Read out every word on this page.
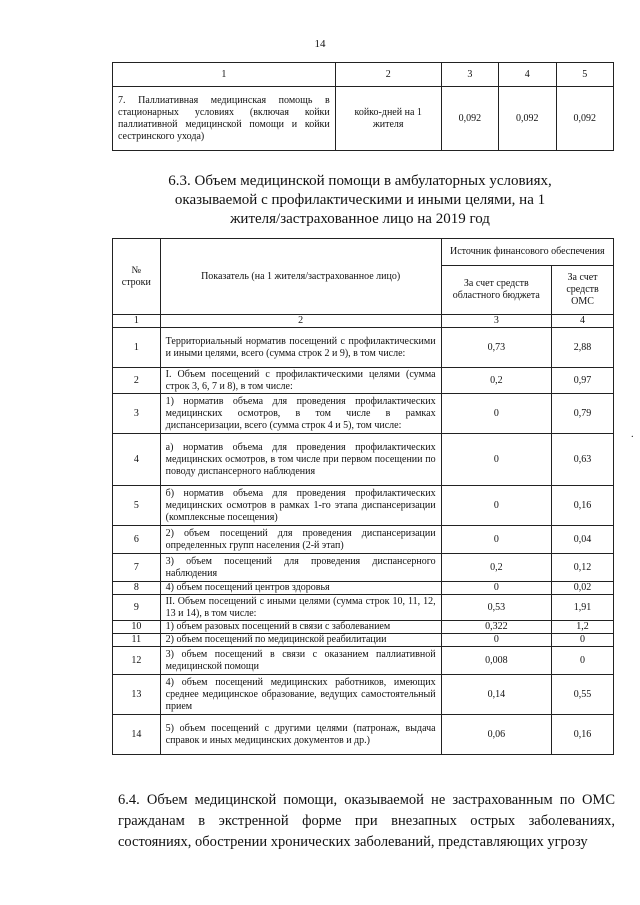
14
1	2	3	4	5
7. Паллиативная медицинская помощь в стационарных условиях (включая койки паллиативной медицинской помощи и койки сестринского ухода)	койко-дней на 1 жителя	0,092	0,092	0,092
6.3. Объем медицинской помощи в амбулаторных условиях, оказываемой с профилактическими и иными целями, на 1 жителя/застрахованное лицо на 2019 год
№ строки	Показатель (на 1 жителя/застрахованное лицо)	Источник финансового обеспечения	
		За счет средств областного бюджета	За счет средств ОМС
1	2	3	4
1	Территориальный норматив посещений с профилактическими и иными целями, всего (сумма строк 2 и 9), в том числе:	0,73	2,88
2	I. Объем посещений с профилактическими целями (сумма строк 3, 6, 7 и 8), в том числе:	0,2	0,97
3	1) норматив объема для проведения профилактических медицинских осмотров, в том числе в рамках диспансеризации, всего (сумма строк 4 и 5), том числе:	0	0,79
4	а) норматив объема для проведения профилактических медицинских осмотров, в том числе при первом посещении по поводу диспансерного наблюдения	0	0,63
5	б) норматив объема для проведения профилактических медицинских осмотров в рамках 1-го этапа диспансеризации (комплексные посещения)	0	0,16
6	2) объем посещений для проведения диспансеризации определенных групп населения (2-й этап)	0	0,04
7	3) объем посещений для проведения диспансерного наблюдения	0,2	0,12
8	4) объем посещений центров здоровья	0	0,02
9	II. Объем посещений с иными целями (сумма строк 10, 11, 12, 13 и 14), в том числе:	0,53	1,91
10	1) объем разовых посещений в связи с заболеванием	0,322	1,2
11	2) объем посещений по медицинской реабилитации	0	0
12	3) объем посещений в связи с оказанием паллиативной медицинской помощи	0,008	0
13	4) объем посещений медицинских работников, имеющих среднее медицинское образование, ведущих самостоятельный прием	0,14	0,55
14	5) объем посещений с другими целями (патронаж, выдача справок и иных медицинских документов и др.)	0,06	0,16
·

6.4. Объем медицинской помощи, оказываемой не застрахованным по ОМС гражданам в экстренной форме при внезапных острых заболеваниях, состояниях, обострении хронических заболеваний, представляющих угрозу
